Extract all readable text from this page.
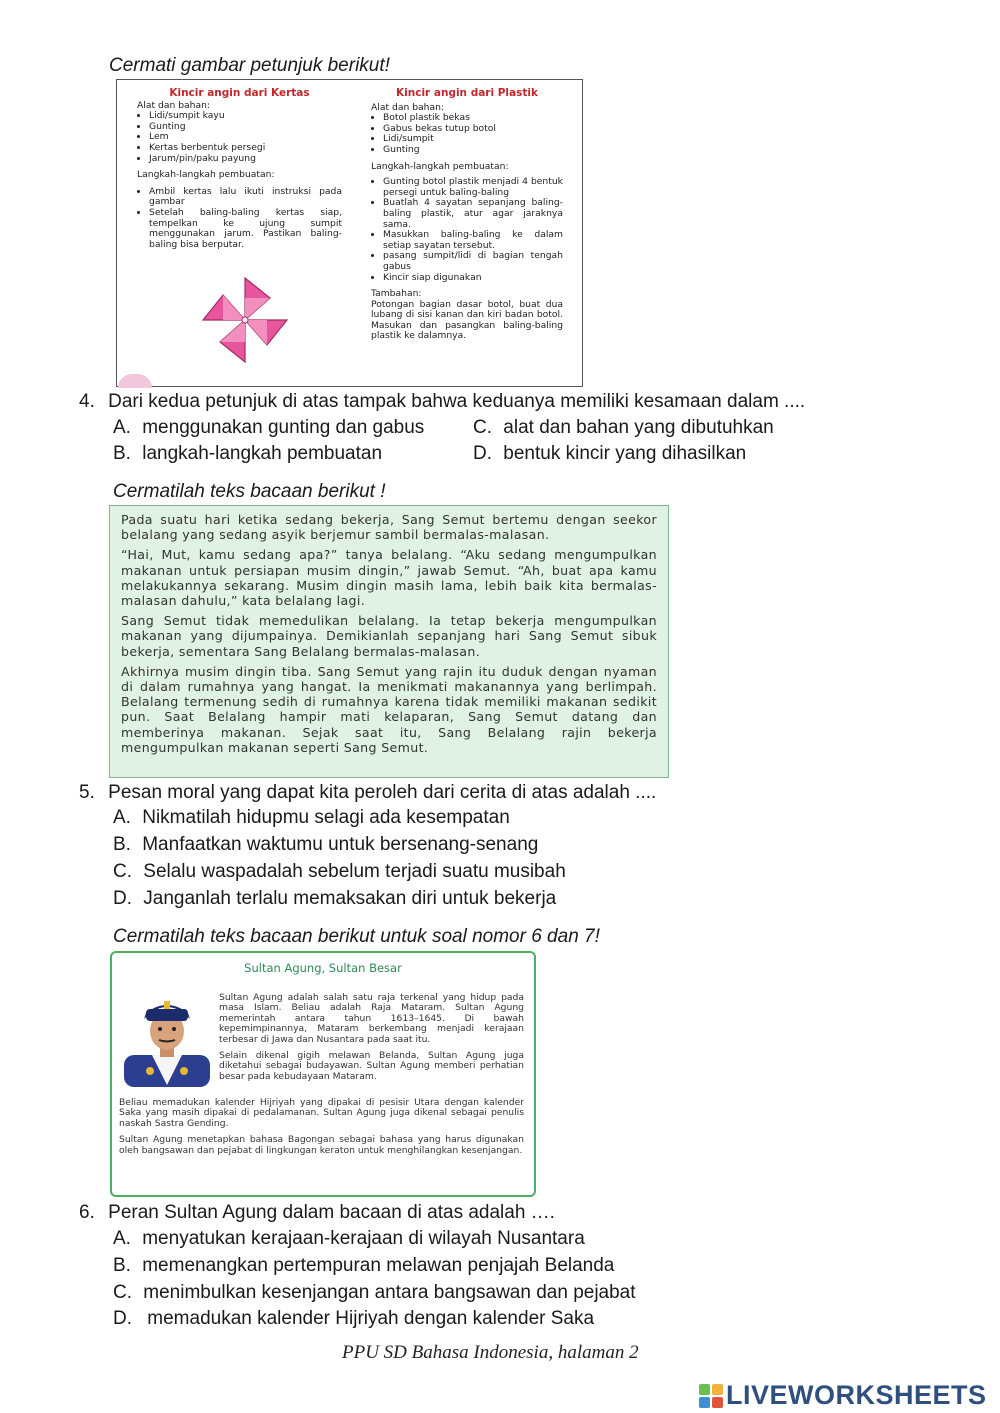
Cermati gambar petunjuk berikut!
Kincir angin dari Kertas
Alat dan bahan:
• Lidi/sumpit kayu
• Gunting
• Lem
• Kertas berbentuk persegi
• Jarum/pin/paku payung
Langkah-langkah pembuatan:
• Ambil kertas lalu ikuti instruksi pada gambar
• Setelah baling-baling kertas siap, tempelkan ke ujung sumpit menggunakan jarum. Pastikan baling-baling bisa berputar.
Kincir angin dari Plastik
Alat dan bahan:
• Botol plastik bekas
• Gabus bekas tutup botol
• Lidi/sumpit
• Gunting
Langkah-langkah pembuatan:
• Gunting botol plastik menjadi 4 bentuk persegi untuk baling-baling
• Buatlah 4 sayatan sepanjang baling-baling plastik, atur agar jaraknya sama.
• Masukkan baling-baling ke dalam setiap sayatan tersebut.
• pasang sumpit/lidi di bagian tengah gabus
• Kincir siap digunakan
Tambahan:
Potongan bagian dasar botol, buat dua lubang di sisi kanan dan kiri badan botol. Masukan dan pasangkan baling-baling plastik ke dalamnya.
4. Dari kedua petunjuk di atas tampak bahwa keduanya memiliki kesamaan dalam ....
A. menggunakan gunting dan gabus	C. alat dan bahan yang dibutuhkan
B. langkah-langkah pembuatan	D. bentuk kincir yang dihasilkan
Cermatilah teks bacaan berikut !

Pada suatu hari ketika sedang bekerja, Sang Semut bertemu dengan seekor belalang yang sedang asyik berjemur sambil bermalas-malasan.

“Hai, Mut, kamu sedang apa?” tanya belalang. “Aku sedang mengumpulkan makanan untuk persiapan musim dingin,” jawab Semut. “Ah, buat apa kamu melakukannya sekarang. Musim dingin masih lama, lebih baik kita bermalas-malasan dahulu,” kata belalang lagi.

Sang Semut tidak memedulikan belalang. Ia tetap bekerja mengumpulkan makanan yang dijumpainya. Demikianlah sepanjang hari Sang Semut sibuk bekerja, sementara Sang Belalang bermalas-malasan.

Akhirnya musim dingin tiba. Sang Semut yang rajin itu duduk dengan nyaman di dalam rumahnya yang hangat. Ia menikmati makanannya yang berlimpah. Belalang termenung sedih di rumahnya karena tidak memiliki makanan sedikit pun. Saat Belalang hampir mati kelaparan, Sang Semut datang dan memberinya makanan. Sejak saat itu, Sang Belalang rajin bekerja mengumpulkan makanan seperti Sang Semut.

5. Pesan moral yang dapat kita peroleh dari cerita di atas adalah ....
A. Nikmatilah hidupmu selagi ada kesempatan
B. Manfaatkan waktumu untuk bersenang-senang
C. Selalu waspadalah sebelum terjadi suatu musibah
D. Janganlah terlalu memaksakan diri untuk bekerja
Cermatilah teks bacaan berikut untuk soal nomor 6 dan 7!
Sultan Agung, Sultan Besar

Sultan Agung adalah salah satu raja terkenal yang hidup pada masa Islam. Beliau adalah Raja Mataram. Sultan Agung memerintah antara tahun 1613–1645. Di bawah kepemimpinannya, Mataram berkembang menjadi kerajaan terbesar di Jawa dan Nusantara pada saat itu.

Selain dikenal gigih melawan Belanda, Sultan Agung juga diketahui sebagai budayawan. Sultan Agung memberi perhatian besar pada kebudayaan Mataram.

Beliau memadukan kalender Hijriyah yang dipakai di pesisir Utara dengan kalender Saka yang masih dipakai di pedalamanan. Sultan Agung juga dikenal sebagai penulis naskah Sastra Gending.

Sultan Agung menetapkan bahasa Bagongan sebagai bahasa yang harus digunakan oleh bangsawan dan pejabat di lingkungan keraton untuk menghilangkan kesenjangan.

6. Peran Sultan Agung dalam bacaan di atas adalah ….
A. menyatukan kerajaan-kerajaan di wilayah Nusantara
B. memenangkan pertempuran melawan penjajah Belanda
C. menimbulkan kesenjangan antara bangsawan dan pejabat
D. memadukan kalender Hijriyah dengan kalender Saka
PPU SD Bahasa Indonesia, halaman 2
LIVEWORKSHEETS
